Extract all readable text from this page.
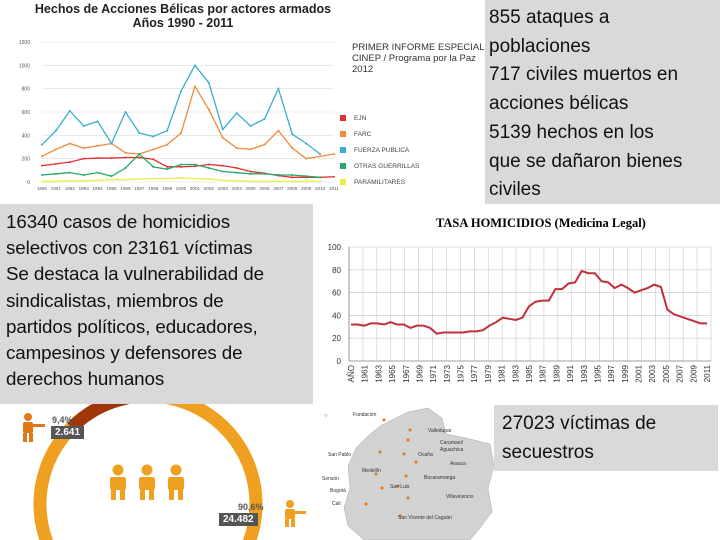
Hechos de Acciones Bélicas por actores armados
Años 1990 - 2011
0
200
400
600
800
1000
1200
1990 1991 1992 1993 1994 1995 1996 1997 1998 1999 2000 2001 2002 2003 2004 2005 2006 2007 2008 2009 2010 2011
PRIMER INFORME ESPECIAL
CINEP / Programa por la Paz
2012
EJN
FARC
FUERZA PUBLICA
OTRAS GUERRILLAS
PARAMILITARES
855 ataques a
poblaciones
717 civiles muertos en
acciones bélicas
5139 hechos en los
que se dañaron bienes
civiles
16340 casos de homicidios
selectivos con 23161 víctimas
Se destaca la vulnerabilidad de
sindicalistas, miembros de
partidos políticos, educadores,
campesinos y defensores de
derechos humanos
0
20
40
60
80
100
AÑO 1961 1963 1965 1967 1969 1971 1973 1975 1977 1979 1981 1983 1985 1987 1989 1991 1993 1995 1997 1999 2001 2003 2005 2007 2009 2011
TASA HOMICIDIOS (Medicina Legal)
9,4%
2.641
90,6%
24.482
○	Fundación
Valledupar
Carumani/ Aguachica
San Pablo	Ocaña
Arauca
Medellín
Sonsón	Bucaramanga
Bogotá
San Luis
Cali
Villavicencio
San Vicente del Caguán
27023 víctimas de
secuestros
